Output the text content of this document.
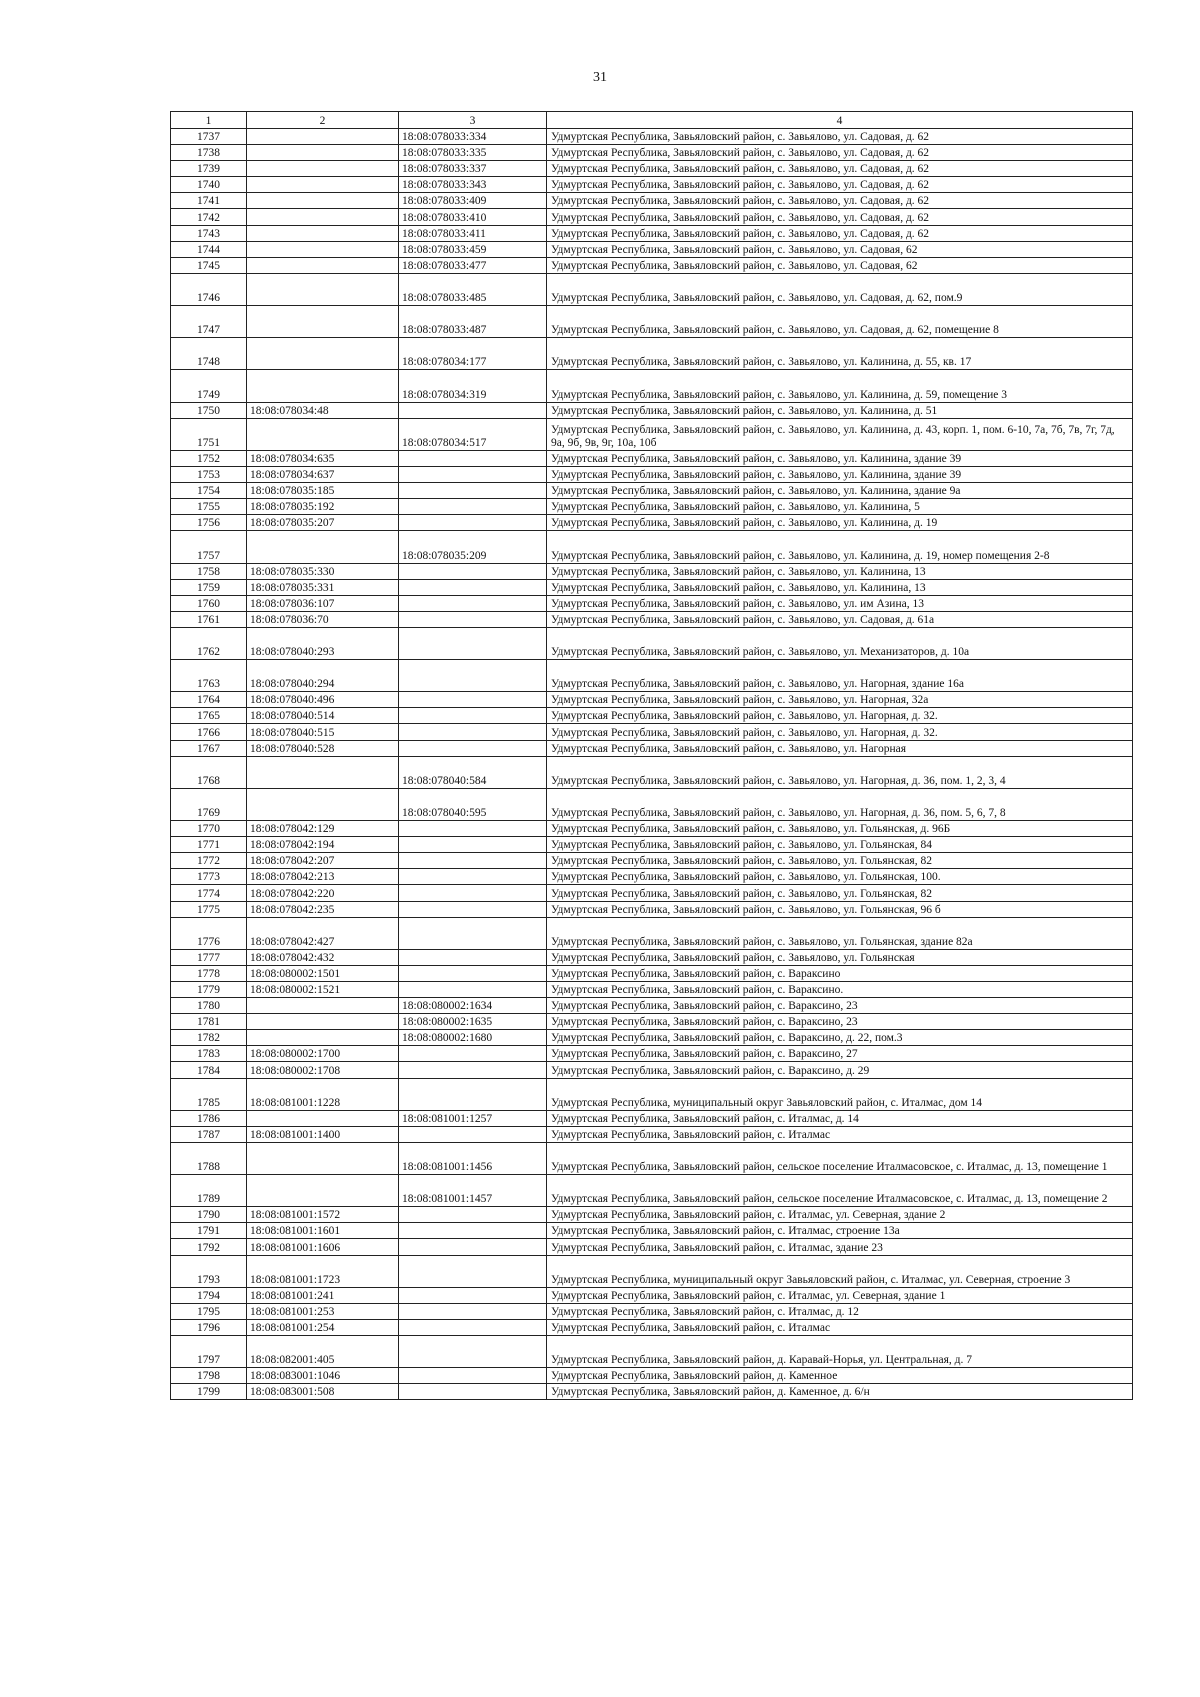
31
1	2	3	4
1737		18:08:078033:334	Удмуртская Республика, Завьяловский район, с. Завьялово, ул. Садовая, д. 62
1738		18:08:078033:335	Удмуртская Республика, Завьяловский район, с. Завьялово, ул. Садовая, д. 62
1739		18:08:078033:337	Удмуртская Республика, Завьяловский район, с. Завьялово, ул. Садовая, д. 62
1740		18:08:078033:343	Удмуртская Республика, Завьяловский район, с. Завьялово, ул. Садовая, д. 62
1741		18:08:078033:409	Удмуртская Республика, Завьяловский район, с. Завьялово, ул. Садовая, д. 62
1742		18:08:078033:410	Удмуртская Республика, Завьяловский район, с. Завьялово, ул. Садовая, д. 62
1743		18:08:078033:411	Удмуртская Республика, Завьяловский район, с. Завьялово, ул. Садовая, д. 62
1744		18:08:078033:459	Удмуртская Республика, Завьяловский район, с. Завьялово, ул. Садовая, 62
1745		18:08:078033:477	Удмуртская Республика, Завьяловский район, с. Завьялово, ул. Садовая, 62
1746		18:08:078033:485	Удмуртская Республика, Завьяловский район, с. Завьялово, ул. Садовая, д. 62, пом.9
1747		18:08:078033:487	Удмуртская Республика, Завьяловский район, с. Завьялово, ул. Садовая, д. 62, помещение 8
1748		18:08:078034:177	Удмуртская Республика, Завьяловский район, с. Завьялово, ул. Калинина, д. 55, кв. 17
1749		18:08:078034:319	Удмуртская Республика, Завьяловский район, с. Завьялово, ул. Калинина, д. 59, помещение 3
1750	18:08:078034:48		Удмуртская Республика, Завьяловский район, с. Завьялово, ул. Калинина, д. 51
1751		18:08:078034:517	Удмуртская Республика, Завьяловский район, с. Завьялово, ул. Калинина, д. 43, корп. 1, пом. 6-10, 7а, 7б, 7в, 7г, 7д, 9а, 9б, 9в, 9г, 10а, 10б
1752	18:08:078034:635		Удмуртская Республика, Завьяловский район, с. Завьялово, ул. Калинина, здание 39
1753	18:08:078034:637		Удмуртская Республика, Завьяловский район, с. Завьялово, ул. Калинина, здание 39
1754	18:08:078035:185		Удмуртская Республика, Завьяловский район, с. Завьялово, ул. Калинина, здание 9а
1755	18:08:078035:192		Удмуртская Республика, Завьяловский район, с. Завьялово, ул. Калинина, 5
1756	18:08:078035:207		Удмуртская Республика, Завьяловский район, с. Завьялово, ул. Калинина, д. 19
1757		18:08:078035:209	Удмуртская Республика, Завьяловский район, с. Завьялово, ул. Калинина, д. 19, номер помещения 2-8
1758	18:08:078035:330		Удмуртская Республика, Завьяловский район, с. Завьялово, ул. Калинина, 13
1759	18:08:078035:331		Удмуртская Республика, Завьяловский район, с. Завьялово, ул. Калинина, 13
1760	18:08:078036:107		Удмуртская Республика, Завьяловский район, с. Завьялово, ул. им Азина, 13
1761	18:08:078036:70		Удмуртская Республика, Завьяловский район, с. Завьялово, ул. Садовая, д. 61а
1762	18:08:078040:293		Удмуртская Республика, Завьяловский район, с. Завьялово, ул. Механизаторов, д. 10а
1763	18:08:078040:294		Удмуртская Республика, Завьяловский район, с. Завьялово, ул. Нагорная, здание 16а
1764	18:08:078040:496		Удмуртская Республика, Завьяловский район, с. Завьялово, ул. Нагорная, 32а
1765	18:08:078040:514		Удмуртская Республика, Завьяловский район, с. Завьялово, ул. Нагорная, д. 32.
1766	18:08:078040:515		Удмуртская Республика, Завьяловский район, с. Завьялово, ул. Нагорная, д. 32.
1767	18:08:078040:528		Удмуртская Республика, Завьяловский район, с. Завьялово, ул. Нагорная
1768		18:08:078040:584	Удмуртская Республика, Завьяловский район, с. Завьялово, ул. Нагорная, д. 36, пом. 1, 2, 3, 4
1769		18:08:078040:595	Удмуртская Республика, Завьяловский район, с. Завьялово, ул. Нагорная, д. 36, пом. 5, 6, 7, 8
1770	18:08:078042:129		Удмуртская Республика, Завьяловский район, с. Завьялово, ул. Гольянская, д. 96Б
1771	18:08:078042:194		Удмуртская Республика, Завьяловский район, с. Завьялово, ул. Гольянская, 84
1772	18:08:078042:207		Удмуртская Республика, Завьяловский район, с. Завьялово, ул. Гольянская, 82
1773	18:08:078042:213		Удмуртская Республика, Завьяловский район, с. Завьялово, ул. Гольянская, 100.
1774	18:08:078042:220		Удмуртская Республика, Завьяловский район, с. Завьялово, ул. Гольянская, 82
1775	18:08:078042:235		Удмуртская Республика, Завьяловский район, с. Завьялово, ул. Гольянская, 96 б
1776	18:08:078042:427		Удмуртская Республика, Завьяловский район, с. Завьялово, ул. Гольянская, здание 82а
1777	18:08:078042:432		Удмуртская Республика, Завьяловский район, с. Завьялово, ул. Гольянская
1778	18:08:080002:1501		Удмуртская Республика, Завьяловский район, с. Вараксино
1779	18:08:080002:1521		Удмуртская Республика, Завьяловский район, с. Вараксино.
1780		18:08:080002:1634	Удмуртская Республика, Завьяловский район, с. Вараксино, 23
1781		18:08:080002:1635	Удмуртская Республика, Завьяловский район, с. Вараксино, 23
1782		18:08:080002:1680	Удмуртская Республика, Завьяловский район, с. Вараксино, д. 22, пом.3
1783	18:08:080002:1700		Удмуртская Республика, Завьяловский район, с. Вараксино, 27
1784	18:08:080002:1708		Удмуртская Республика, Завьяловский район, с. Вараксино, д. 29
1785	18:08:081001:1228		Удмуртская Республика, муниципальный округ Завьяловский район, с. Италмас, дом 14
1786		18:08:081001:1257	Удмуртская Республика, Завьяловский район, с. Италмас, д. 14
1787	18:08:081001:1400		Удмуртская Республика, Завьяловский район, с. Италмас
1788		18:08:081001:1456	Удмуртская Республика, Завьяловский район, сельское поселение Италмасовское, с. Италмас, д. 13, помещение 1
1789		18:08:081001:1457	Удмуртская Республика, Завьяловский район, сельское поселение Италмасовское, с. Италмас, д. 13, помещение 2
1790	18:08:081001:1572		Удмуртская Республика, Завьяловский район, с. Италмас, ул. Северная, здание 2
1791	18:08:081001:1601		Удмуртская Республика, Завьяловский район, с. Италмас, строение 13а
1792	18:08:081001:1606		Удмуртская Республика, Завьяловский район, с. Италмас, здание 23
1793	18:08:081001:1723		Удмуртская Республика, муниципальный округ Завьяловский район, с. Италмас, ул. Северная, строение 3
1794	18:08:081001:241		Удмуртская Республика, Завьяловский район, с. Италмас, ул. Северная, здание 1
1795	18:08:081001:253		Удмуртская Республика, Завьяловский район, с. Италмас, д. 12
1796	18:08:081001:254		Удмуртская Республика, Завьяловский район, с. Италмас
1797	18:08:082001:405		Удмуртская Республика, Завьяловский район, д. Каравай-Норья, ул. Центральная, д. 7
1798	18:08:083001:1046		Удмуртская Республика, Завьяловский район, д. Каменное
1799	18:08:083001:508		Удмуртская Республика, Завьяловский район, д. Каменное, д. 6/н
